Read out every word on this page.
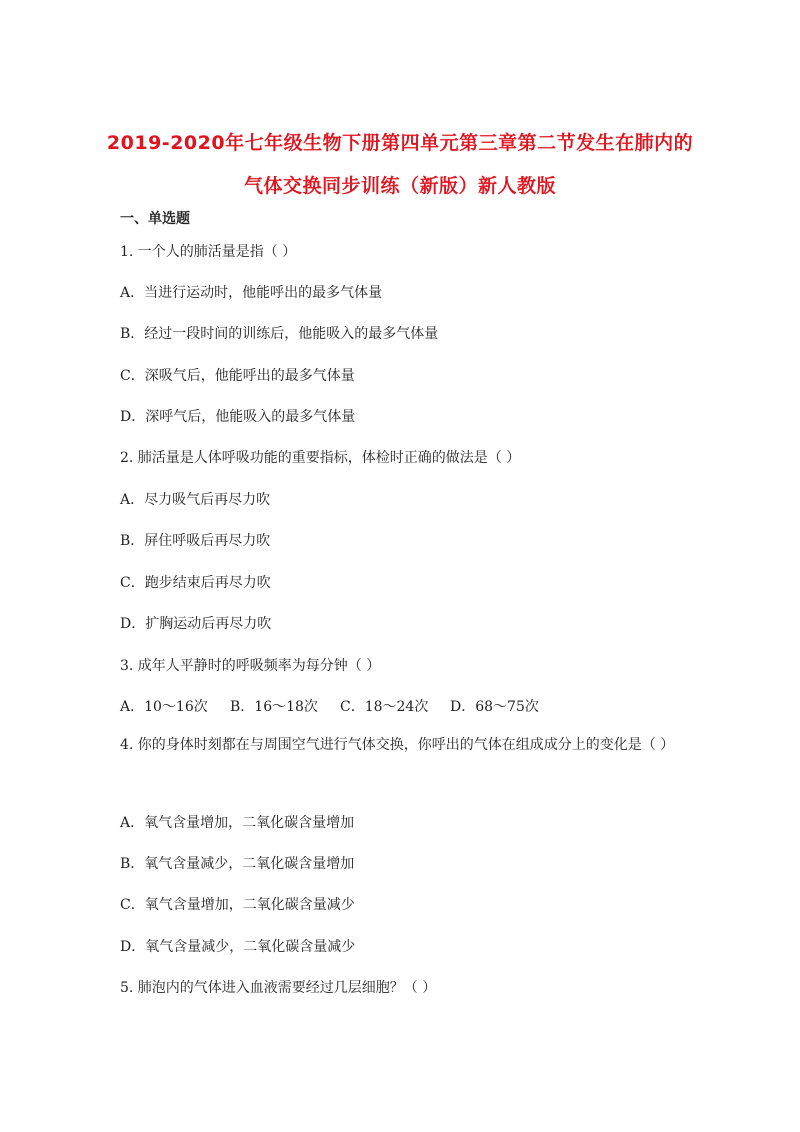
2019-2020年七年级生物下册第四单元第三章第二节发生在肺内的
气体交换同步训练（新版）新人教版
一、单选题
1. 一个人的肺活量是指（ ）
A．当进行运动时，他能呼出的最多气体量
B．经过一段时间的训练后，他能吸入的最多气体量
C．深吸气后，他能呼出的最多气体量
D．深呼气后，他能吸入的最多气体量
2. 肺活量是人体呼吸功能的重要指标，体检时正确的做法是（ ）
A．尽力吸气后再尽力吹
B．屏住呼吸后再尽力吹
C．跑步结束后再尽力吹
D．扩胸运动后再尽力吹
3. 成年人平静时的呼吸频率为每分钟（ ）
A．10～16次 B．16～18次 C．18～24次 D．68～75次
4. 你的身体时刻都在与周围空气进行气体交换，你呼出的气体在组成成分上的变化是（ ）
A．氧气含量增加，二氧化碳含量增加
B．氧气含量减少，二氧化碳含量增加
C．氧气含量增加，二氧化碳含量减少
D．氧气含量减少，二氧化碳含量减少
5. 肺泡内的气体进入血液需要经过几层细胞？（ ）
